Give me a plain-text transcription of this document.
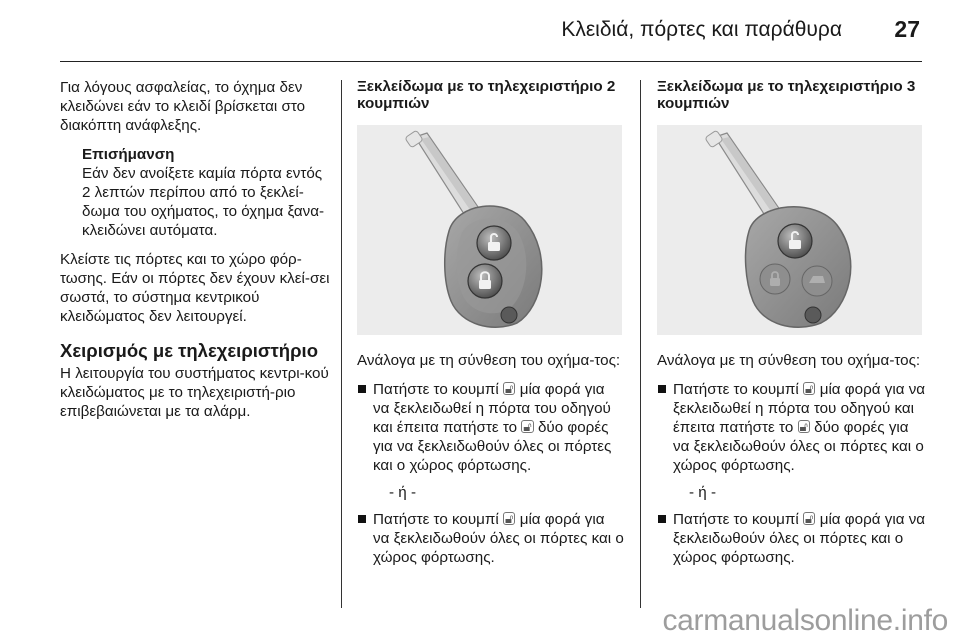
Κλειδιά, πόρτες και παράθυρα 27

Για λόγους ασφαλείας, το όχημα δεν κλειδώνει εάν το κλειδί βρίσκεται στο διακόπτη ανάφλεξης.

Επισήμανση
Εάν δεν ανοίξετε καμία πόρτα εντός 2 λεπτών περίπου από το ξεκλεί-δωμα του οχήματος, το όχημα ξανα-κλειδώνει αυτόματα.

Κλείστε τις πόρτες και το χώρο φόρ-τωσης. Εάν οι πόρτες δεν έχουν κλεί-σει σωστά, το σύστημα κεντρικού κλειδώματος δεν λειτουργεί.

Χειρισμός με τηλεχειριστήριο

Η λειτουργία του συστήματος κεντρι-κού κλειδώματος με το τηλεχειριστή-ριο επιβεβαιώνεται με τα αλάρμ.

Ξεκλείδωμα με το τηλεχειριστήριο 2 κουμπιών

Ανάλογα με τη σύνθεση του οχήμα-τος:

Πατήστε το κουμπί 🔓︎ μία φορά για να ξεκλειδωθεί η πόρτα του οδηγού και έπειτα πατήστε το 🔓︎ δύο φορές για να ξεκλειδωθούν όλες οι πόρτες και ο χώρος φόρτωσης.
- ή -
Πατήστε το κουμπί 🔓︎ μία φορά για να ξεκλειδωθούν όλες οι πόρτες και ο χώρος φόρτωσης.
Ξεκλείδωμα με το τηλεχειριστήριο 3 κουμπιών

Ανάλογα με τη σύνθεση του οχήμα-τος:

Πατήστε το κουμπί 🔓︎ μία φορά για να ξεκλειδωθεί η πόρτα του οδηγού και έπειτα πατήστε το 🔓︎ δύο φορές για να ξεκλειδωθούν όλες οι πόρτες και ο χώρος φόρτωσης.
- ή -
Πατήστε το κουμπί 🔓︎ μία φορά για να ξεκλειδωθούν όλες οι πόρτες και ο χώρος φόρτωσης.
carmanualsonline.info
